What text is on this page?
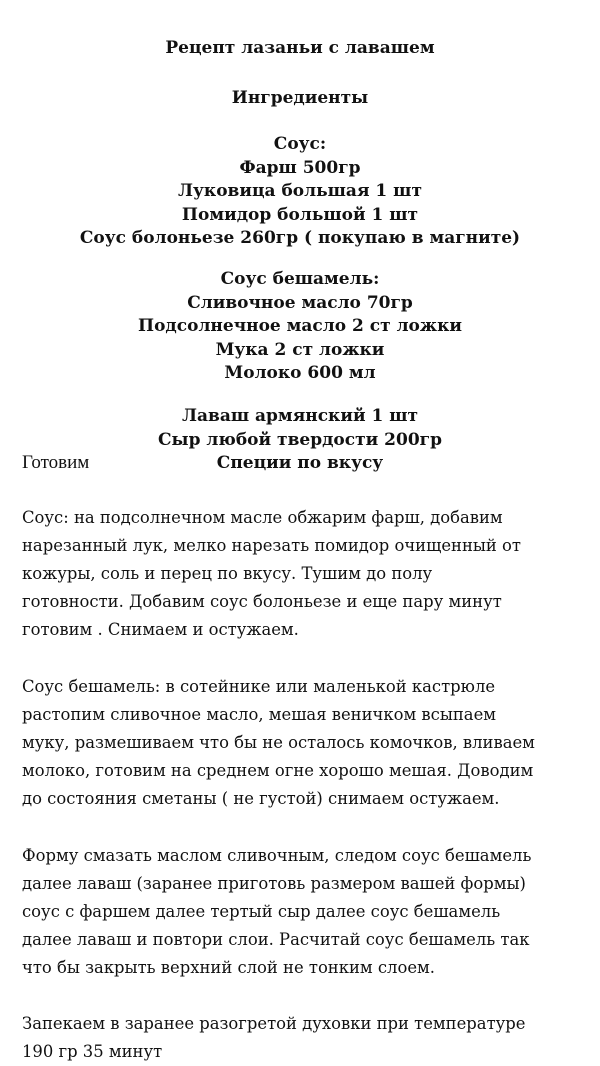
Рецепт лазаньи с лавашем
Ингредиенты
Соус:
Фарш 500гр
Луковица большая 1 шт
Помидор большой 1 шт
Соус болоньезе 260гр ( покупаю в магните)
Соус бешамель:
Сливочное масло 70гр
Подсолнечное масло 2 ст ложки
Мука 2 ст ложки
Молоко 600 мл
Лаваш армянский 1 шт
Сыр любой твердости 200гр
Специи по вкусу
Готовим
Соус: на подсолнечном масле обжарим фарш, добавим
нарезанный лук, мелко нарезать помидор очищенный от
кожуры, соль и перец по вкусу. Тушим до полу
готовности. Добавим соус болоньезе и еще пару минут
готовим . Снимаем и остужаем.
Соус бешамель: в сотейнике или маленькой кастрюле
растопим сливочное масло, мешая веничком всыпаем
муку, размешиваем что бы не осталось комочков, вливаем
молоко, готовим на среднем огне хорошо мешая. Доводим
до состояния сметаны ( не густой) снимаем остужаем.
Форму смазать маслом сливочным, следом соус бешамель
далее лаваш (заранее приготовь размером вашей формы)
соус с фаршем далее тертый сыр далее соус бешамель
далее лаваш и повтори слои. Расчитай соус бешамель так
что бы закрыть верхний слой не тонким слоем.
Запекаем в заранее разогретой духовки при температуре
190 гр 35 минут
